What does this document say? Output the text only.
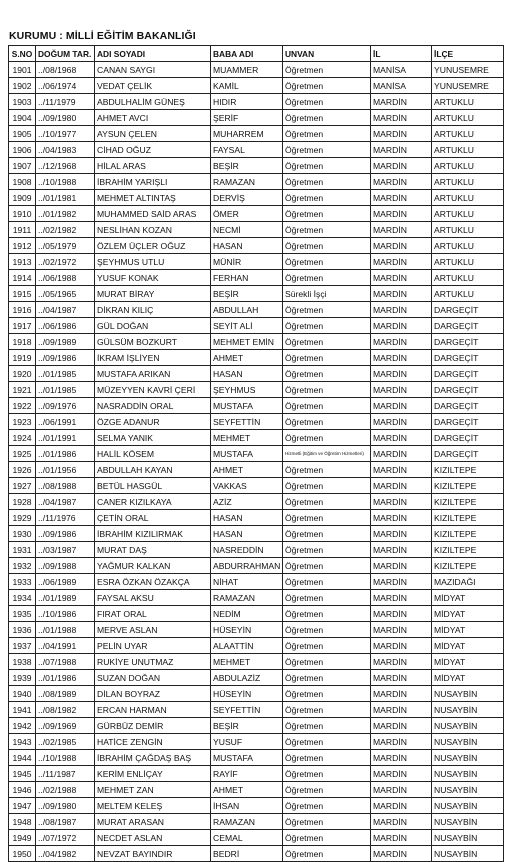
KURUMU : MİLLİ EĞİTİM BAKANLIĞI
S.NO	DOĞUM TAR.	ADI SOYADI	BABA ADI	UNVAN	İL	İLÇE
1901	../08/1968	CANAN SAYGI	MUAMMER	Öğretmen	MANİSA	YUNUSEMRE
1902	../06/1974	VEDAT ÇELİK	KAMİL	Öğretmen	MANİSA	YUNUSEMRE
1903	../11/1979	ABDULHALİM GÜNEŞ	HIDIR	Öğretmen	MARDİN	ARTUKLU
1904	../09/1980	AHMET AVCI	ŞERİF	Öğretmen	MARDİN	ARTUKLU
1905	../10/1977	AYSUN ÇELEN	MUHARREM	Öğretmen	MARDİN	ARTUKLU
1906	../04/1983	CİHAD OĞUZ	FAYSAL	Öğretmen	MARDİN	ARTUKLU
1907	../12/1968	HİLAL ARAS	BEŞİR	Öğretmen	MARDİN	ARTUKLU
1908	../10/1988	İBRAHİM YARIŞLI	RAMAZAN	Öğretmen	MARDİN	ARTUKLU
1909	../01/1981	MEHMET ALTINTAŞ	DERVİŞ	Öğretmen	MARDİN	ARTUKLU
1910	../01/1982	MUHAMMED SAİD ARAS	ÖMER	Öğretmen	MARDİN	ARTUKLU
1911	../02/1982	NESLİHAN KOZAN	NECMİ	Öğretmen	MARDİN	ARTUKLU
1912	../05/1979	ÖZLEM ÜÇLER OĞUZ	HASAN	Öğretmen	MARDİN	ARTUKLU
1913	../02/1972	ŞEYHMUS UTLU	MÜNİR	Öğretmen	MARDİN	ARTUKLU
1914	../06/1988	YUSUF KONAK	FERHAN	Öğretmen	MARDİN	ARTUKLU
1915	../05/1965	MURAT BİRAY	BEŞİR	Sürekli İşçi	MARDİN	ARTUKLU
1916	../04/1987	DİKRAN KILIÇ	ABDULLAH	Öğretmen	MARDİN	DARGEÇİT
1917	../06/1986	GÜL DOĞAN	SEYİT ALİ	Öğretmen	MARDİN	DARGEÇİT
1918	../09/1989	GÜLSÜM BOZKURT	MEHMET EMİN	Öğretmen	MARDİN	DARGEÇİT
1919	../09/1986	İKRAM İŞLİYEN	AHMET	Öğretmen	MARDİN	DARGEÇİT
1920	../01/1985	MUSTAFA ARIKAN	HASAN	Öğretmen	MARDİN	DARGEÇİT
1921	../01/1985	MÜZEYYEN KAVRİ ÇERİ	ŞEYHMUS	Öğretmen	MARDİN	DARGEÇİT
1922	../09/1976	NASRADDİN ORAL	MUSTAFA	Öğretmen	MARDİN	DARGEÇİT
1923	../06/1991	ÖZGE ADANUR	SEYFETTİN	Öğretmen	MARDİN	DARGEÇİT
1924	../01/1991	SELMA YANIK	MEHMET	Öğretmen	MARDİN	DARGEÇİT
1925	../01/1986	HALİL KÖSEM	MUSTAFA	Hizmetli (Eğitim ve Öğretim Hizmetleri)	MARDİN	DARGEÇİT
1926	../01/1956	ABDULLAH KAYAN	AHMET	Öğretmen	MARDİN	KIZILTEPE
1927	../08/1988	BETÜL HASGÜL	VAKKAS	Öğretmen	MARDİN	KIZILTEPE
1928	../04/1987	CANER KIZILKAYA	AZİZ	Öğretmen	MARDİN	KIZILTEPE
1929	../11/1976	ÇETİN ORAL	HASAN	Öğretmen	MARDİN	KIZILTEPE
1930	../09/1986	İBRAHİM KIZILIRMAK	HASAN	Öğretmen	MARDİN	KIZILTEPE
1931	../03/1987	MURAT DAŞ	NASREDDİN	Öğretmen	MARDİN	KIZILTEPE
1932	../09/1988	YAĞMUR KALKAN	ABDURRAHMAN	Öğretmen	MARDİN	KIZILTEPE
1933	../06/1989	ESRA ÖZKAN ÖZAKÇA	NİHAT	Öğretmen	MARDİN	MAZIDAĞI
1934	../01/1989	FAYSAL AKSU	RAMAZAN	Öğretmen	MARDİN	MİDYAT
1935	../10/1986	FIRAT ORAL	NEDİM	Öğretmen	MARDİN	MİDYAT
1936	../01/1988	MERVE ASLAN	HÜSEYİN	Öğretmen	MARDİN	MİDYAT
1937	../04/1991	PELİN UYAR	ALAATTİN	Öğretmen	MARDİN	MİDYAT
1938	../07/1988	RUKİYE UNUTMAZ	MEHMET	Öğretmen	MARDİN	MİDYAT
1939	../01/1986	SUZAN DOĞAN	ABDULAZİZ	Öğretmen	MARDİN	MİDYAT
1940	../08/1989	DİLAN BOYRAZ	HÜSEYİN	Öğretmen	MARDİN	NUSAYBİN
1941	../08/1982	ERCAN HARMAN	SEYFETTİN	Öğretmen	MARDİN	NUSAYBİN
1942	../09/1969	GÜRBÜZ DEMİR	BEŞİR	Öğretmen	MARDİN	NUSAYBİN
1943	../02/1985	HATİCE ZENGİN	YUSUF	Öğretmen	MARDİN	NUSAYBİN
1944	../10/1988	İBRAHİM ÇAĞDAŞ BAŞ	MUSTAFA	Öğretmen	MARDİN	NUSAYBİN
1945	../11/1987	KERİM ENLİÇAY	RAYİF	Öğretmen	MARDİN	NUSAYBİN
1946	../02/1988	MEHMET ZAN	AHMET	Öğretmen	MARDİN	NUSAYBİN
1947	../09/1980	MELTEM KELEŞ	İHSAN	Öğretmen	MARDİN	NUSAYBİN
1948	../08/1987	MURAT ARASAN	RAMAZAN	Öğretmen	MARDİN	NUSAYBİN
1949	../07/1972	NECDET ASLAN	CEMAL	Öğretmen	MARDİN	NUSAYBİN
1950	../04/1982	NEVZAT BAYINDIR	BEDRİ	Öğretmen	MARDİN	NUSAYBİN
